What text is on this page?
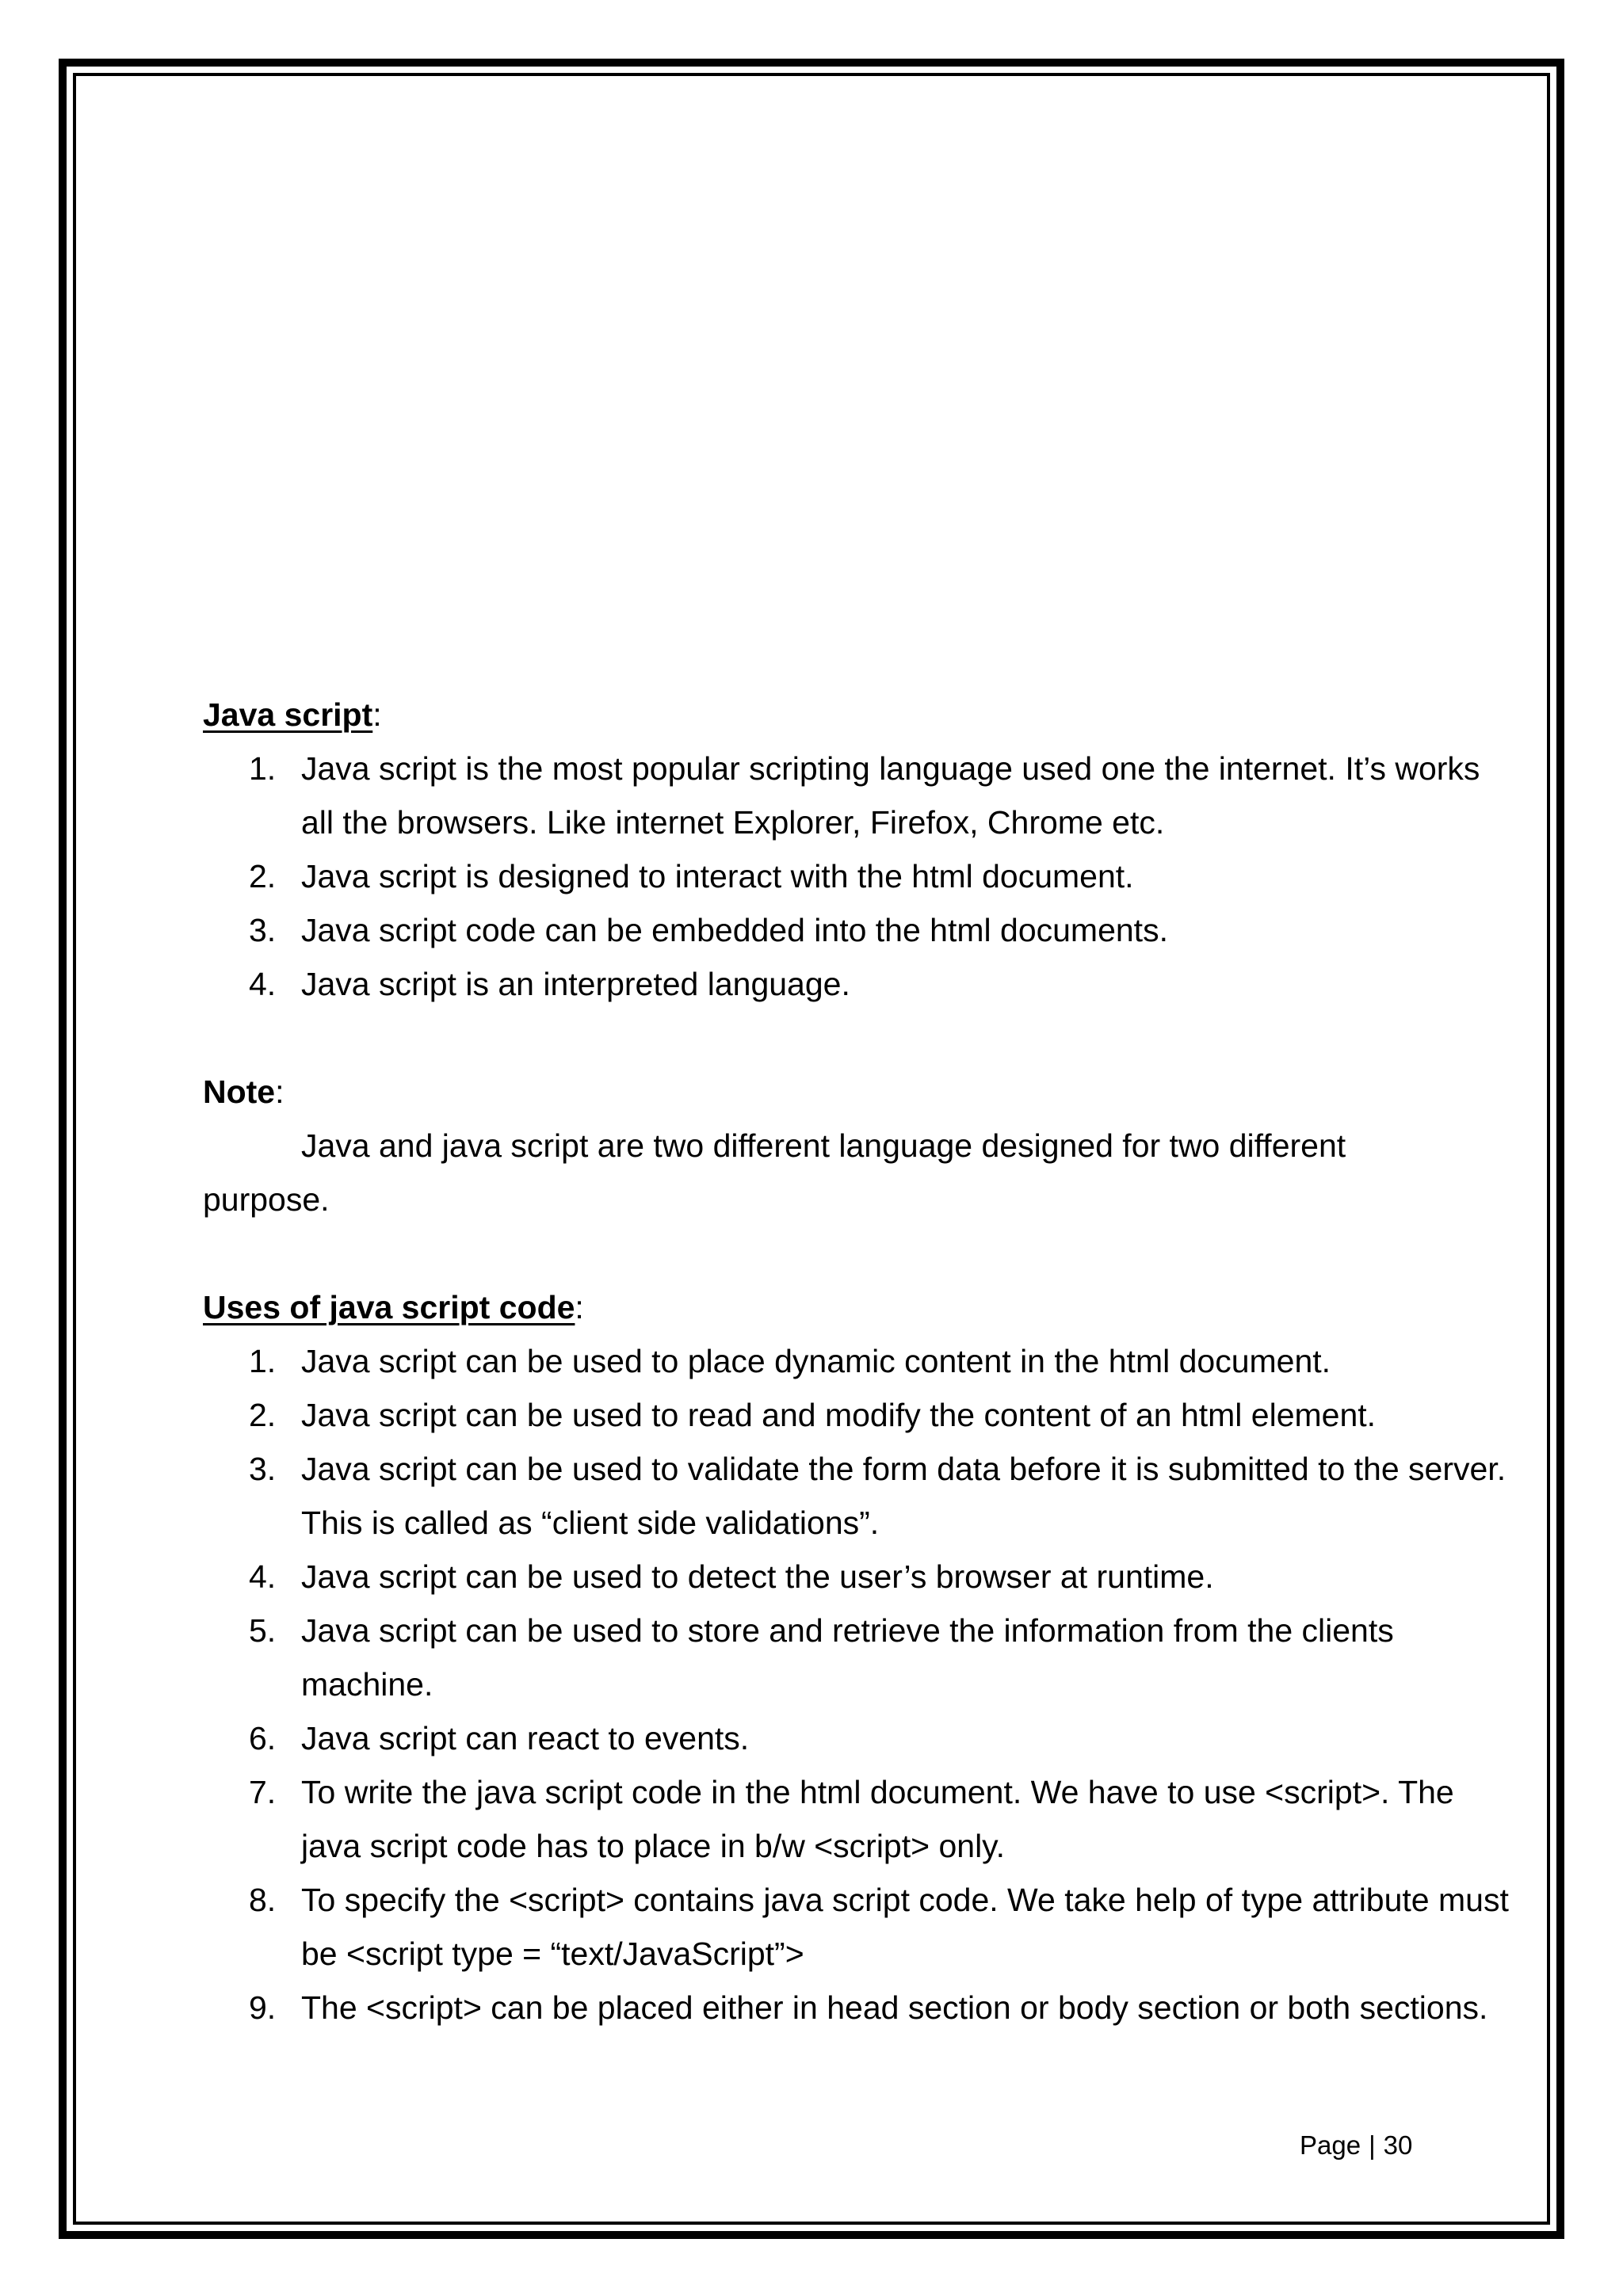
Java script:

1. Java script is the most popular scripting language used one the internet. It’s works all the browsers. Like internet Explorer, Firefox, Chrome etc.
2. Java script is designed to interact with the html document.
3. Java script code can be embedded into the html documents.
4. Java script is an interpreted language.

Note:

Java and java script are two different language designed for two different purpose.

Uses of java script code:

1. Java script can be used to place dynamic content in the html document.
2. Java script can be used to read and modify the content of an html element.
3. Java script can be used to validate the form data before it is submitted to the server. This is called as “client side validations”.
4. Java script can be used to detect the user’s browser at runtime.
5. Java script can be used to store and retrieve the information from the clients machine.
6. Java script can react to events.
7. To write the java script code in the html document. We have to use <script>. The java script code has to place in b/w <script> only.
8. To specify the <script> contains java script code. We take help of type attribute must be <script type = “text/JavaScript”>
9. The <script> can be placed either in head section or body section or both sections.
Page | 30
